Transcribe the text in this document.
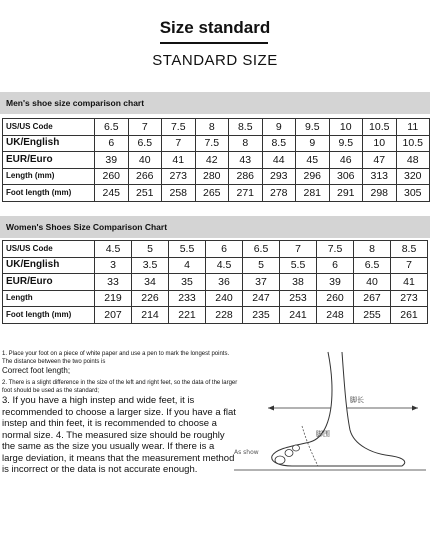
Size standard
STANDARD SIZE
Men's shoe size comparison chart
US/US Code	6.5	7	7.5	8	8.5	9	9.5	10	10.5	11
UK/English	6	6.5	7	7.5	8	8.5	9	9.5	10	10.5
EUR/Euro	39	40	41	42	43	44	45	46	47	48
Length (mm)	260	266	273	280	286	293	296	306	313	320
Foot length (mm)	245	251	258	265	271	278	281	291	298	305
Women's Shoes Size Comparison Chart
US/US Code	4.5	5	5.5	6	6.5	7	7.5	8	8.5
UK/English	3	3.5	4	4.5	5	5.5	6	6.5	7
EUR/Euro	33	34	35	36	37	38	39	40	41
Length	219	226	233	240	247	253	260	267	273
Foot length (mm)	207	214	221	228	235	241	248	255	261
1. Place your foot on a piece of white paper and use a pen to mark the longest points. The distance between the two points is
Correct foot length;
2. There is a slight difference in the size of the left and right feet, so the data of the larger foot should be used as the standard;
3. If you have a high instep and wide feet, it is recommended to choose a larger size. If you have a flat instep and thin feet, it is recommended to choose a normal size. 4. The measured size should be roughly the same as the size you usually wear. If there is a large deviation, it means that the measurement method is incorrect or the data is not accurate enough.
脚长
脚围
As show
